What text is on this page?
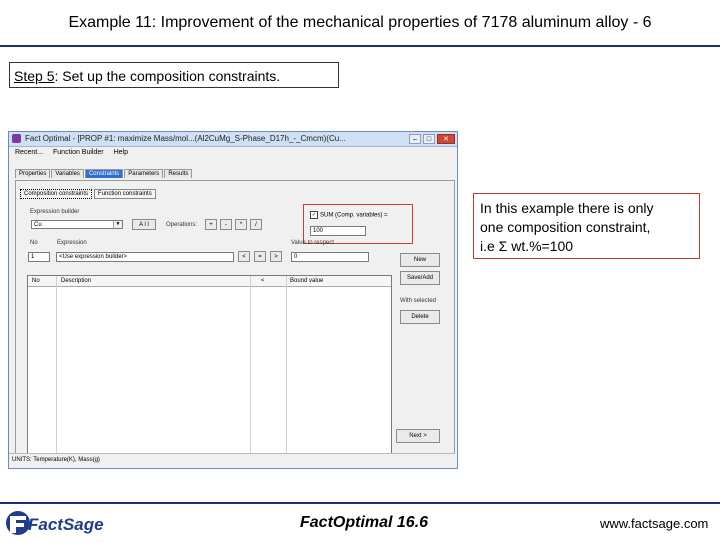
Example 11: Improvement of the mechanical properties of 7178 aluminum alloy - 6
Step 5: Set up the composition constraints.
Fact Optimal - [PROP #1: maximize Mass/mol...(Al2CuMg_S-Phase_D17h_-_Cmcm)(Cu...	–	□	✕
Recent... Function Builder Help
Properties	Variables	Constraints	Parameters	Results
Composition constraints	Function constraints
Expression builder
Cu	▼	A l l	Operations:	+	-	*	/
✓ SUM (Comp. variables) =
100
No	Expression	Value to respect
1	<Use expression builder>	<	=	>	0	New
Save/Add
With selected
Delete
Next >
No	Description	<	Bound value
UNITS: Temperature(K), Mass(g)
In this example there is only
one composition constraint,
i.e Σ wt.%=100
FactSage	FactOptimal 16.6	www.factsage.com
